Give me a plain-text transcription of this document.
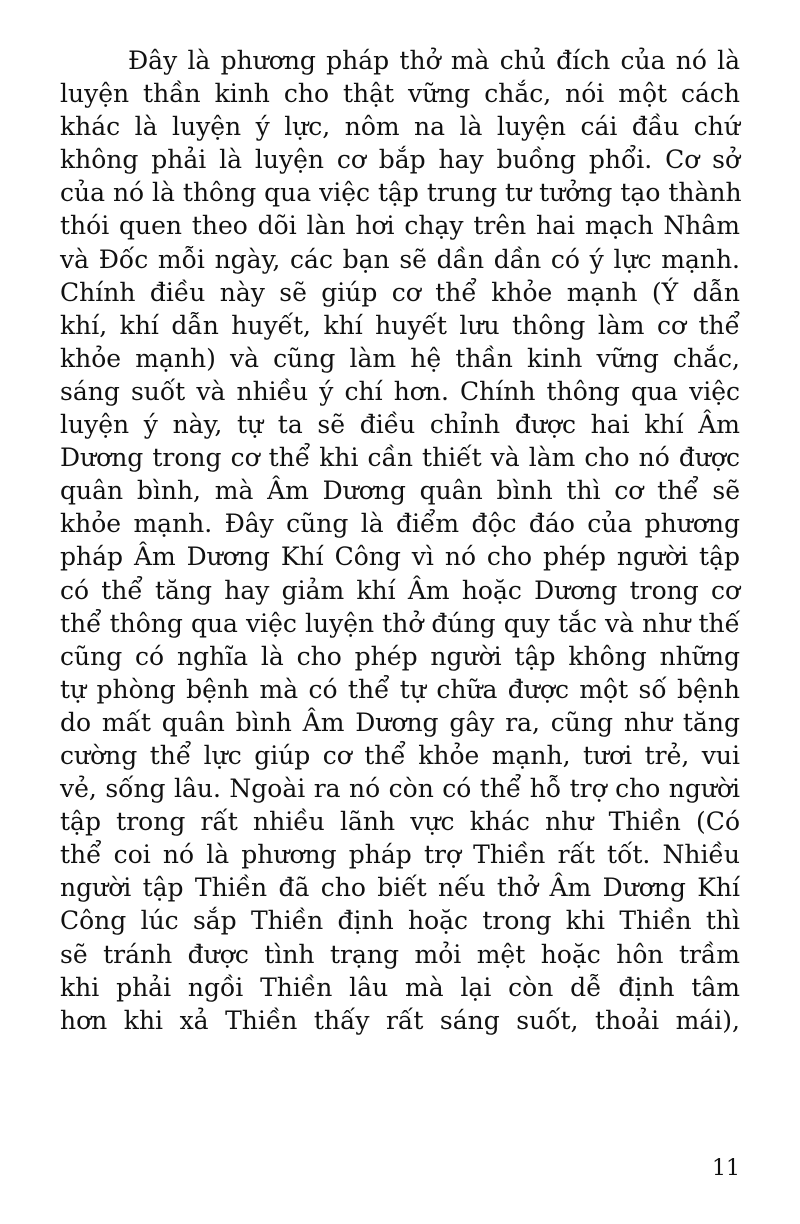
Đây là phương pháp thở mà chủ đích của nó là
luyện thần kinh cho thật vững chắc, nói một cách
khác là luyện ý lực, nôm na là luyện cái đầu chứ
không phải là luyện cơ bắp hay buồng phổi. Cơ sở
của nó là thông qua việc tập trung tư tưởng tạo thành
thói quen theo dõi làn hơi chạy trên hai mạch Nhâm
và Đốc mỗi ngày, các bạn sẽ dần dần có ý lực mạnh.
Chính điều này sẽ giúp cơ thể khỏe mạnh (Ý dẫn
khí, khí dẫn huyết, khí huyết lưu thông làm cơ thể
khỏe mạnh) và cũng làm hệ thần kinh vững chắc,
sáng suốt và nhiều ý chí hơn. Chính thông qua việc
luyện ý này, tự ta sẽ điều chỉnh được hai khí Âm
Dương trong cơ thể khi cần thiết và làm cho nó được
quân bình, mà Âm Dương quân bình thì cơ thể sẽ
khỏe mạnh. Đây cũng là điểm độc đáo của phương
pháp Âm Dương Khí Công vì nó cho phép người tập
có thể tăng hay giảm khí Âm hoặc Dương trong cơ
thể thông qua việc luyện thở đúng quy tắc và như thế
cũng có nghĩa là cho phép người tập không những
tự phòng bệnh mà có thể tự chữa được một số bệnh
do mất quân bình Âm Dương gây ra, cũng như tăng
cường thể lực giúp cơ thể khỏe mạnh, tươi trẻ, vui
vẻ, sống lâu. Ngoài ra nó còn có thể hỗ trợ cho người
tập trong rất nhiều lãnh vực khác như Thiền (Có
thể coi nó là phương pháp trợ Thiền rất tốt. Nhiều
người tập Thiền đã cho biết nếu thở Âm Dương Khí
Công lúc sắp Thiền định hoặc trong khi Thiền thì
sẽ tránh được tình trạng mỏi mệt hoặc hôn trầm
khi phải ngồi Thiền lâu mà lại còn dễ định tâm
hơn khi xả Thiền thấy rất sáng suốt, thoải mái),
11
